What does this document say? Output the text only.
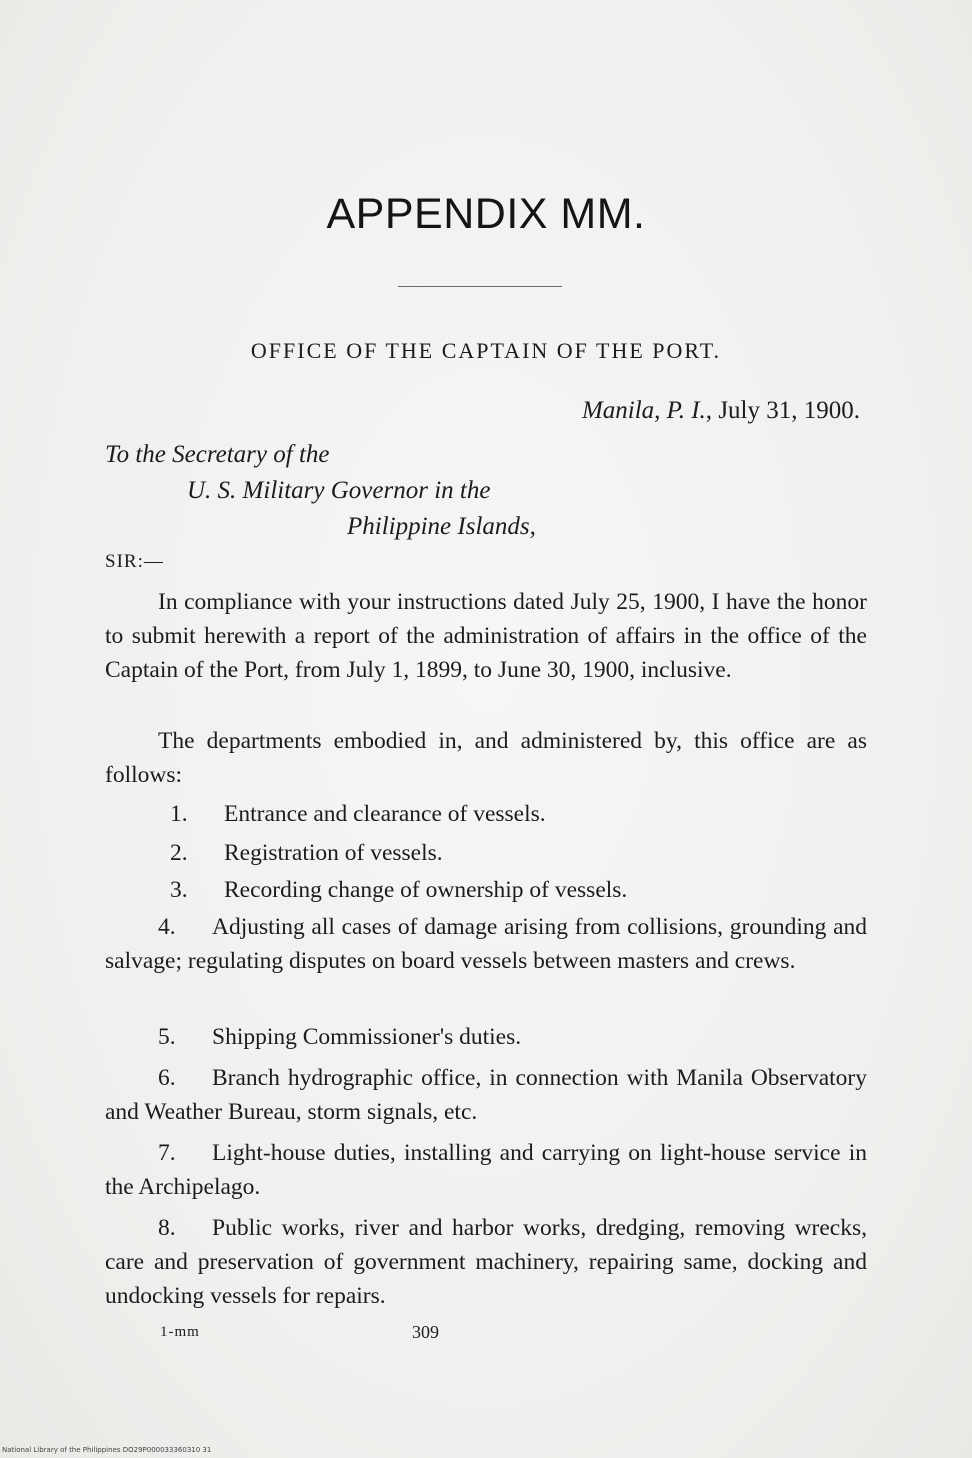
APPENDIX MM.
OFFICE OF THE CAPTAIN OF THE PORT.
Manila, P. I., July 31, 1900.
To the Secretary of the
U. S. Military Governor in the
Philippine Islands,
SIR:—

In compliance with your instructions dated July 25, 1900, I have the honor to submit herewith a report of the administration of affairs in the office of the Captain of the Port, from July 1, 1899, to June 30, 1900, inclusive.

The departments embodied in, and administered by, this office are as follows:

1. Entrance and clearance of vessels.

2. Registration of vessels.

3. Recording change of ownership of vessels.

4. Adjusting all cases of damage arising from collisions, grounding and salvage; regulating disputes on board vessels between masters and crews.

5. Shipping Commissioner's duties.

6. Branch hydrographic office, in connection with Manila Observatory and Weather Bureau, storm signals, etc.

7. Light-house duties, installing and carrying on light-house service in the Archipelago.

8. Public works, river and harbor works, dredging, removing wrecks, care and preservation of government machinery, repairing same, docking and undocking vessels for repairs.

1-mm	309
National Library of the Philippines DO29P000033360310 31
